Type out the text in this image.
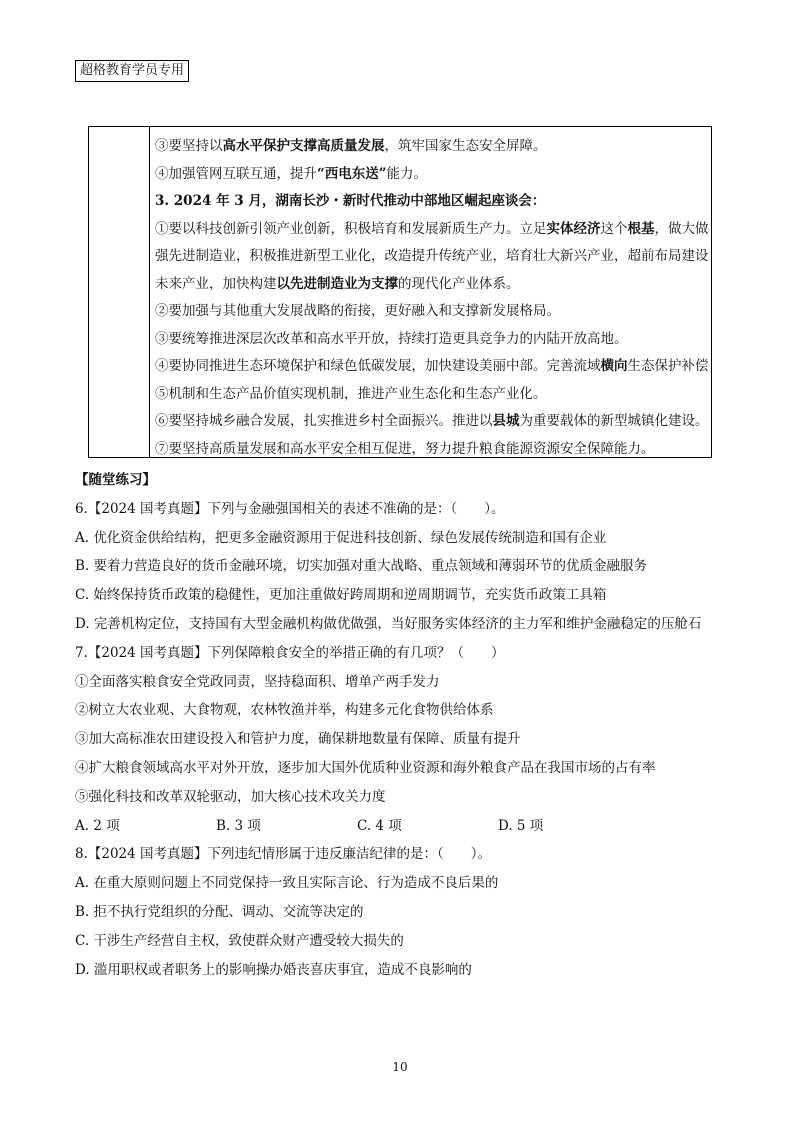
超格教育学员专用
③要坚持以高水平保护支撑高质量发展，筑牢国家生态安全屏障。
④加强管网互联互通，提升“西电东送”能力。
3. 2024 年 3 月，湖南长沙・新时代推动中部地区崛起座谈会：
①要以科技创新引领产业创新，积极培育和发展新质生产力。立足实体经济这个根基，做大做
强先进制造业，积极推进新型工业化，改造提升传统产业，培育壮大新兴产业，超前布局建设
未来产业，加快构建以先进制造业为支撑的现代化产业体系。
②要加强与其他重大发展战略的衔接，更好融入和支撑新发展格局。
③要统筹推进深层次改革和高水平开放，持续打造更具竞争力的内陆开放高地。
④要协同推进生态环境保护和绿色低碳发展，加快建设美丽中部。完善流域横向生态保护补偿
⑤机制和生态产品价值实现机制，推进产业生态化和生态产业化。
⑥要坚持城乡融合发展，扎实推进乡村全面振兴。推进以县城为重要载体的新型城镇化建设。
⑦要坚持高质量发展和高水平安全相互促进，努力提升粮食能源资源安全保障能力。
【随堂练习】
6.【2024 国考真题】下列与金融强国相关的表述不准确的是：（　　）。
A. 优化资金供给结构，把更多金融资源用于促进科技创新、绿色发展传统制造和国有企业
B. 要着力营造良好的货币金融环境，切实加强对重大战略、重点领域和薄弱环节的优质金融服务
C. 始终保持货币政策的稳健性，更加注重做好跨周期和逆周期调节，充实货币政策工具箱
D. 完善机构定位，支持国有大型金融机构做优做强，当好服务实体经济的主力军和维护金融稳定的压舱石
7.【2024 国考真题】下列保障粮食安全的举措正确的有几项？（　　）
①全面落实粮食安全党政同责，坚持稳面积、增单产两手发力
②树立大农业观、大食物观，农林牧渔并举，构建多元化食物供给体系
③加大高标准农田建设投入和管护力度，确保耕地数量有保障、质量有提升
④扩大粮食领域高水平对外开放，逐步加大国外优质种业资源和海外粮食产品在我国市场的占有率
⑤强化科技和改革双轮驱动，加大核心技术攻关力度
A. 2 项	B. 3 项	C. 4 项	D. 5 项
8.【2024 国考真题】下列违纪情形属于违反廉洁纪律的是：（　　）。
A. 在重大原则问题上不同党保持一致且实际言论、行为造成不良后果的
B. 拒不执行党组织的分配、调动、交流等决定的
C. 干涉生产经营自主权，致使群众财产遭受较大损失的
D. 滥用职权或者职务上的影响操办婚丧喜庆事宜，造成不良影响的
10
